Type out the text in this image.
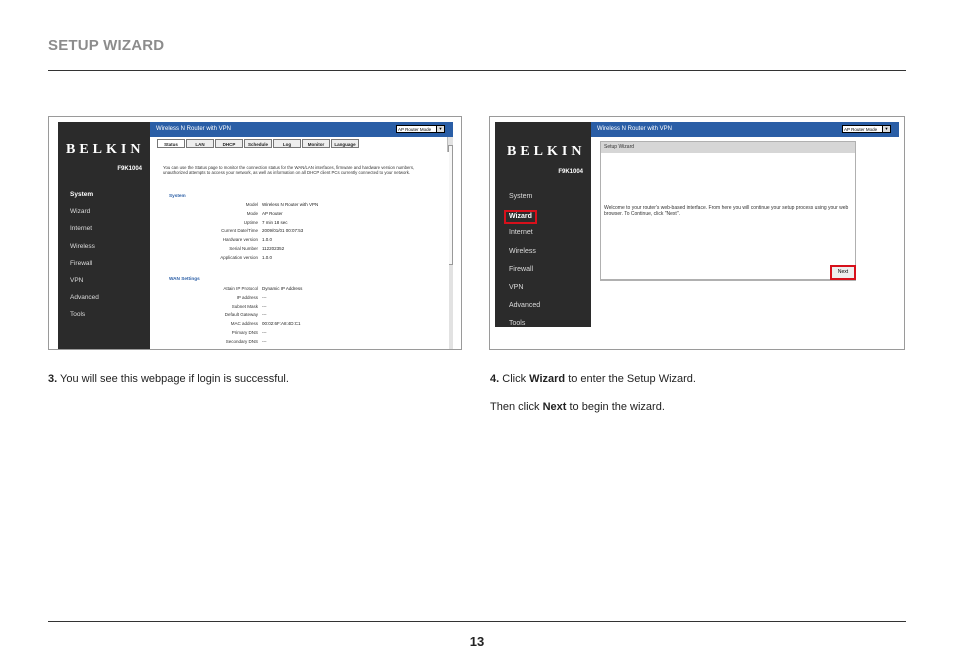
SETUP WIZARD
BELKIN
F9K1004
System
Wizard
Internet
Wireless
Firewall
VPN
Advanced
Tools
Wireless N Router with VPN	AP Router Mode	▼
Status	LAN	DHCP	Schedule	Log	Monitor	Language
You can use the Status page to monitor the connection status for the WAN/LAN interfaces, firmware and hardware version numbers, unauthorized attempts to access your network, as well as information on all DHCP client PCs currently connected to your network.
System
Model Wireless N Router with VPN
Mode AP Router
Uptime 7 min 18 sec
Current Date/Time 2009/01/01 00:07:53
Hardware version 1.0.0
Serial Number 112202352
Application version 1.0.0
WAN Settings
Attain IP Protocol Dynamic IP Address
IP address ---
Subnet Mask ---
Default Gateway ---
MAC address 00:02:6F:A8:4D:C1
Primary DNS ---
Secondary DNS ---
BELKIN
F9K1004
System
Wizard
Internet
Wireless
Firewall
VPN
Advanced
Tools
Wireless N Router with VPN	AP Router Mode	▼
Setup Wizard
Welcome to your router's web-based interface. From here you will continue your setup process using your web browser. To Continue, click "Next".
Next
3. You will see this webpage if login is successful.	4. Click Wizard to enter the Setup Wizard.
Then click Next to begin the wizard.
13
